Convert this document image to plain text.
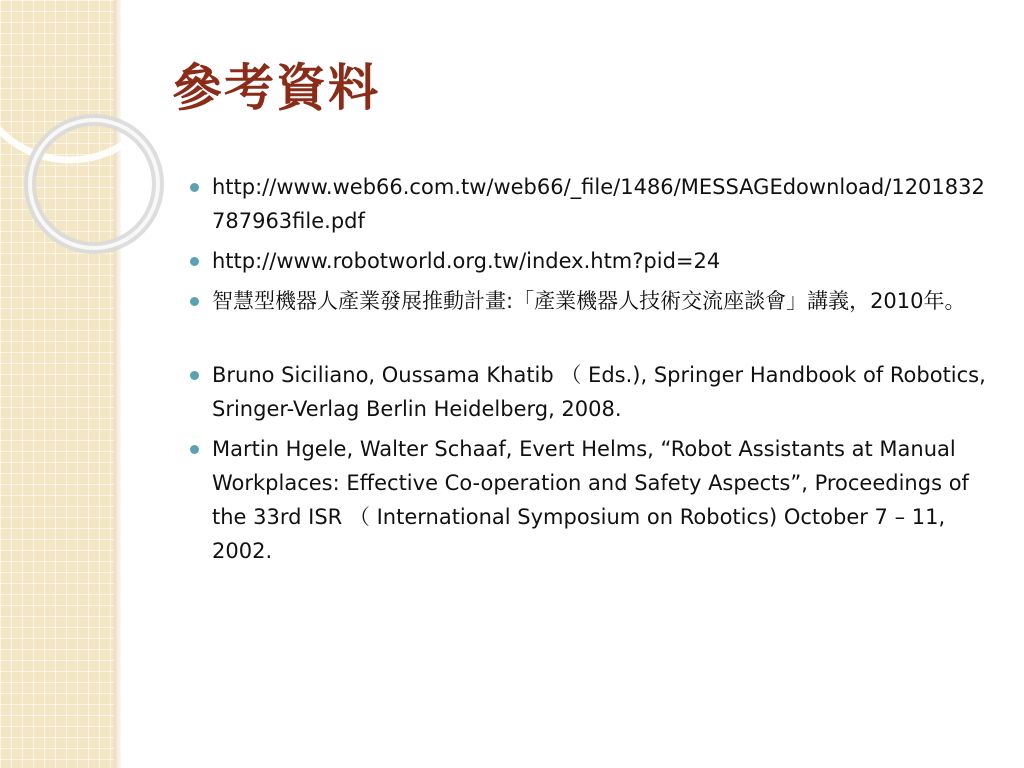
參考資料
http://www.web66.com.tw/web66/_file/1486/MESSAGEdownload/1201832787963file.pdf
http://www.robotworld.org.tw/index.htm?pid=24
智慧型機器人產業發展推動計畫:「產業機器人技術交流座談會」講義，2010年。
Bruno Siciliano, Oussama Khatib （ Eds.), Springer Handbook of Robotics, Sringer-Verlag Berlin Heidelberg, 2008.
Martin Hgele, Walter Schaaf, Evert Helms, “Robot Assistants at Manual Workplaces: Effective Co-operation and Safety Aspects”, Proceedings of the 33rd ISR （ International Symposium on Robotics) October 7 – 11, 2002.
